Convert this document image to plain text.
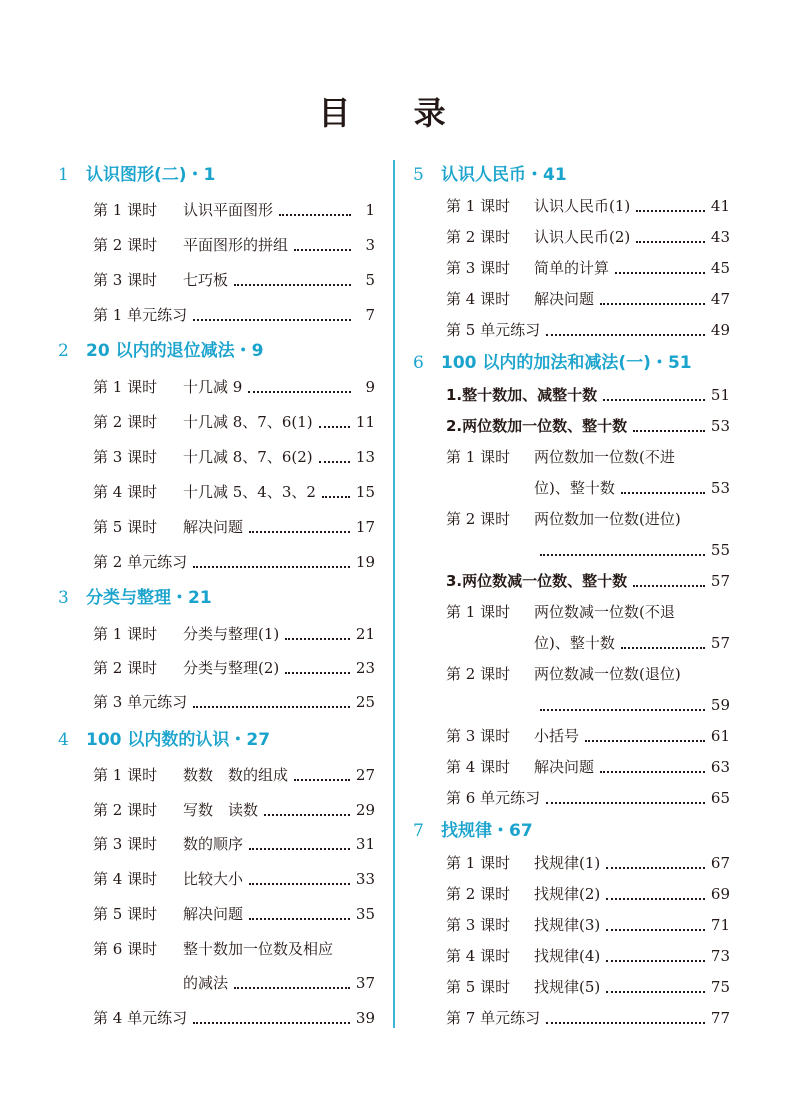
目 录
1 认识图形(二)・1
第 1 课时	认识平面图形	1
第 2 课时	平面图形的拼组	3
第 3 课时	七巧板	5
第 1 单元练习	7
2 20 以内的退位减法・9
第 1 课时	十几减 9	9
第 2 课时	十几减 8、7、6(1)	11
第 3 课时	十几减 8、7、6(2)	13
第 4 课时	十几减 5、4、3、2	15
第 5 课时	解决问题	17
第 2 单元练习	19
3 分类与整理・21
第 1 课时	分类与整理(1)	21
第 2 课时	分类与整理(2)	23
第 3 单元练习	25
4 100 以内数的认识・27
第 1 课时	数数　数的组成	27
第 2 课时	写数　读数	29
第 3 课时	数的顺序	31
第 4 课时	比较大小	33
第 5 课时	解决问题	35
第 6 课时	整十数加一位数及相应
的减法	37
第 4 单元练习	39
5 认识人民币・41
第 1 课时	认识人民币(1)	41
第 2 课时	认识人民币(2)	43
第 3 课时	简单的计算	45
第 4 课时	解决问题	47
第 5 单元练习	49
6 100 以内的加法和减法(一)・51
1.整十数加、减整十数	51
2.两位数加一位数、整十数	53
第 1 课时	两位数加一位数(不进
位)、整十数	53
第 2 课时	两位数加一位数(进位)
55
3.两位数减一位数、整十数	57
第 1 课时	两位数减一位数(不退
位)、整十数	57
第 2 课时	两位数减一位数(退位)
59
第 3 课时	小括号	61
第 4 课时	解决问题	63
第 6 单元练习	65
7 找规律・67
第 1 课时	找规律(1)	67
第 2 课时	找规律(2)	69
第 3 课时	找规律(3)	71
第 4 课时	找规律(4)	73
第 5 课时	找规律(5)	75
第 7 单元练习	77
